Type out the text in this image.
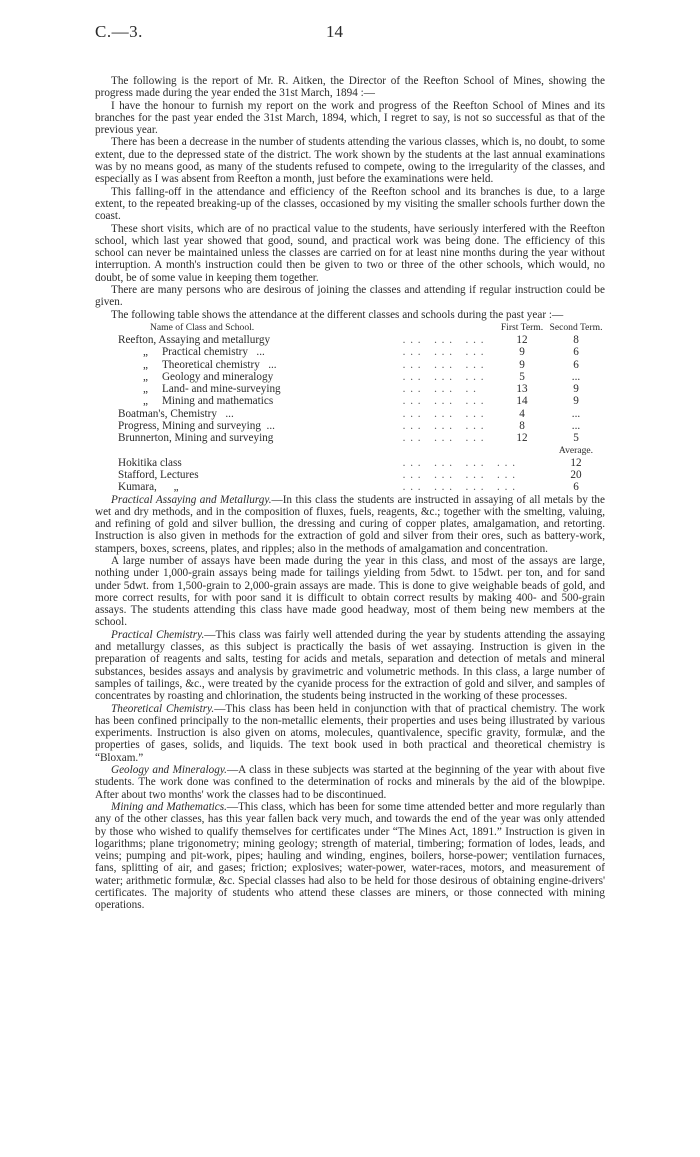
C.—3.	14

The following is the report of Mr. R. Aitken, the Director of the Reefton School of Mines, showing the progress made during the year ended the 31st March, 1894 :—

I have the honour to furnish my report on the work and progress of the Reefton School of Mines and its branches for the past year ended the 31st March, 1894, which, I regret to say, is not so successful as that of the previous year.

There has been a decrease in the number of students attending the various classes, which is, no doubt, to some extent, due to the depressed state of the district. The work shown by the students at the last annual examinations was by no means good, as many of the students refused to compete, owing to the irregularity of the classes, and especially as I was absent from Reefton a month, just before the examinations were held.

This falling-off in the attendance and efficiency of the Reefton school and its branches is due, to a large extent, to the repeated breaking-up of the classes, occasioned by my visiting the smaller schools further down the coast.

These short visits, which are of no practical value to the students, have seriously interfered with the Reefton school, which last year showed that good, sound, and practical work was being done. The efficiency of this school can never be maintained unless the classes are carried on for at least nine months during the year without interruption. A month's instruction could then be given to two or three of the other schools, which would, no doubt, be of some value in keeping them together.

There are many persons who are desirous of joining the classes and attending if regular instruction could be given.

The following table shows the attendance at the different classes and schools during the past year :—

Name of Class and School.				First Term.	Second Term.
Reefton, Assaying and metallurgy	. . .	. . .	. . .	12	8
„ Practical chemistry ...	. . .	. . .	. . .	9	6
„ Theoretical chemistry ...	. . .	. . .	. . .	9	6
„ Geology and mineralogy	. . .	. . .	. . .	5	...
„ Land- and mine-surveying	. . .	. . .	. .	13	9
„ Mining and mathematics	. . .	. . .	. . .	14	9
Boatman's, Chemistry ...	. . .	. . .	. . .	4	...
Progress, Mining and surveying ...	. . .	. . .	. . .	8	...
Brunnerton, Mining and surveying	. . .	. . .	. . .	12	5
					Average.
Hokitika class	. . .	. . .	. . .	. . .	12
Stafford, Lectures	. . .	. . .	. . .	. . .	20
Kumara, „	. . .	. . .	. . .	. . .	6

Practical Assaying and Metallurgy.—In this class the students are instructed in assaying of all metals by the wet and dry methods, and in the composition of fluxes, fuels, reagents, &c.; together with the smelting, valuing, and refining of gold and silver bullion, the dressing and curing of copper plates, amalgamation, and retorting. Instruction is also given in methods for the extraction of gold and silver from their ores, such as battery-work, stampers, boxes, screens, plates, and ripples; also in the methods of amalgamation and concentration.

A large number of assays have been made during the year in this class, and most of the assays are large, nothing under 1,000-grain assays being made for tailings yielding from 5dwt. to 15dwt. per ton, and for sand under 5dwt. from 1,500-grain to 2,000-grain assays are made. This is done to give weighable beads of gold, and more correct results, for with poor sand it is difficult to obtain correct results by making 400- and 500-grain assays. The students attending this class have made good headway, most of them being new members at the school.

Practical Chemistry.—This class was fairly well attended during the year by students attending the assaying and metallurgy classes, as this subject is practically the basis of wet assaying. Instruction is given in the preparation of reagents and salts, testing for acids and metals, separation and detection of metals and mineral substances, besides assays and analysis by gravimetric and volumetric methods. In this class, a large number of samples of tailings, &c., were treated by the cyanide process for the extraction of gold and silver, and samples of concentrates by roasting and chlorination, the students being instructed in the working of these processes.

Theoretical Chemistry.—This class has been held in conjunction with that of practical chemistry. The work has been confined principally to the non-metallic elements, their properties and uses being illustrated by various experiments. Instruction is also given on atoms, molecules, quantivalence, specific gravity, formulæ, and the properties of gases, solids, and liquids. The text book used in both practical and theoretical chemistry is “Bloxam.”

Geology and Mineralogy.—A class in these subjects was started at the beginning of the year with about five students. The work done was confined to the determination of rocks and minerals by the aid of the blowpipe. After about two months' work the classes had to be discontinued.

Mining and Mathematics.—This class, which has been for some time attended better and more regularly than any of the other classes, has this year fallen back very much, and towards the end of the year was only attended by those who wished to qualify themselves for certificates under “The Mines Act, 1891.” Instruction is given in logarithms; plane trigonometry; mining geology; strength of material, timbering; formation of lodes, leads, and veins; pumping and pit-work, pipes; hauling and winding, engines, boilers, horse-power; ventilation furnaces, fans, splitting of air, and gases; friction; explosives; water-power, water-races, motors, and measurement of water; arithmetic formulæ, &c. Special classes had also to be held for those desirous of obtaining engine-drivers' certificates. The majority of students who attend these classes are miners, or those connected with mining operations.
